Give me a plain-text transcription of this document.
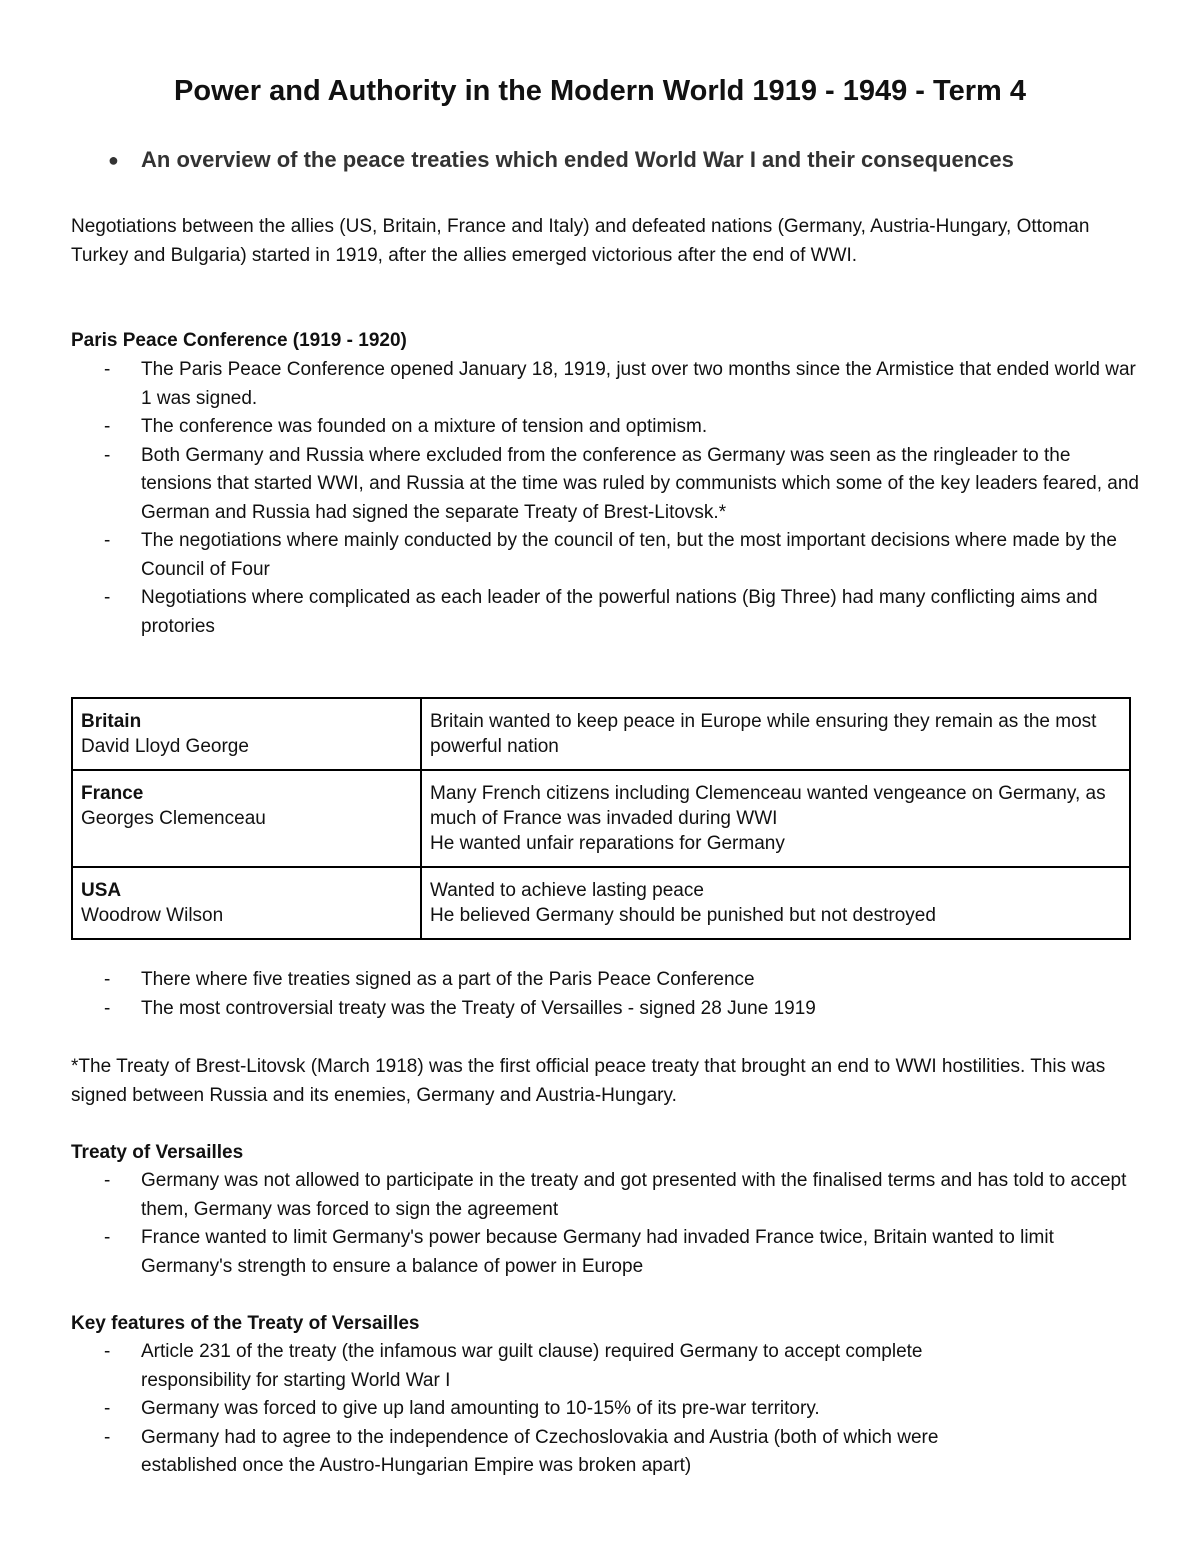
Power and Authority in the Modern World 1919 - 1949 - Term 4
● An overview of the peace treaties which ended World War I and their consequences
Negotiations between the allies (US, Britain, France and Italy) and defeated nations (Germany, Austria-Hungary, Ottoman Turkey and Bulgaria) started in 1919, after the allies emerged victorious after the end of WWI.
Paris Peace Conference (1919 - 1920)
- The Paris Peace Conference opened January 18, 1919, just over two months since the Armistice that ended world war 1 was signed.
- The conference was founded on a mixture of tension and optimism.
- Both Germany and Russia where excluded from the conference as Germany was seen as the ringleader to the tensions that started WWI, and Russia at the time was ruled by communists which some of the key leaders feared, and German and Russia had signed the separate Treaty of Brest-Litovsk.*
- The negotiations where mainly conducted by the council of ten, but the most important decisions where made by the Council of Four
- Negotiations where complicated as each leader of the powerful nations (Big Three) had many conflicting aims and protories
Britain
David Lloyd George	Britain wanted to keep peace in Europe while ensuring they remain as the most powerful nation

France
Georges Clemenceau	Many French citizens including Clemenceau wanted vengeance on Germany, as much of France was invaded during WWI
He wanted unfair reparations for Germany

USA
Woodrow Wilson	Wanted to achieve lasting peace
He believed Germany should be punished but not destroyed
- There where five treaties signed as a part of the Paris Peace Conference
- The most controversial treaty was the Treaty of Versailles - signed 28 June 1919
*The Treaty of Brest-Litovsk (March 1918) was the first official peace treaty that brought an end to WWI hostilities. This was signed between Russia and its enemies, Germany and Austria-Hungary.
Treaty of Versailles
- Germany was not allowed to participate in the treaty and got presented with the finalised terms and has told to accept them, Germany was forced to sign the agreement
- France wanted to limit Germany's power because Germany had invaded France twice, Britain wanted to limit Germany's strength to ensure a balance of power in Europe
Key features of the Treaty of Versailles
- Article 231 of the treaty (the infamous war guilt clause) required Germany to accept complete responsibility for starting World War I
- Germany was forced to give up land amounting to 10-15% of its pre-war territory.
- Germany had to agree to the independence of Czechoslovakia and Austria (both of which were established once the Austro-Hungarian Empire was broken apart)
